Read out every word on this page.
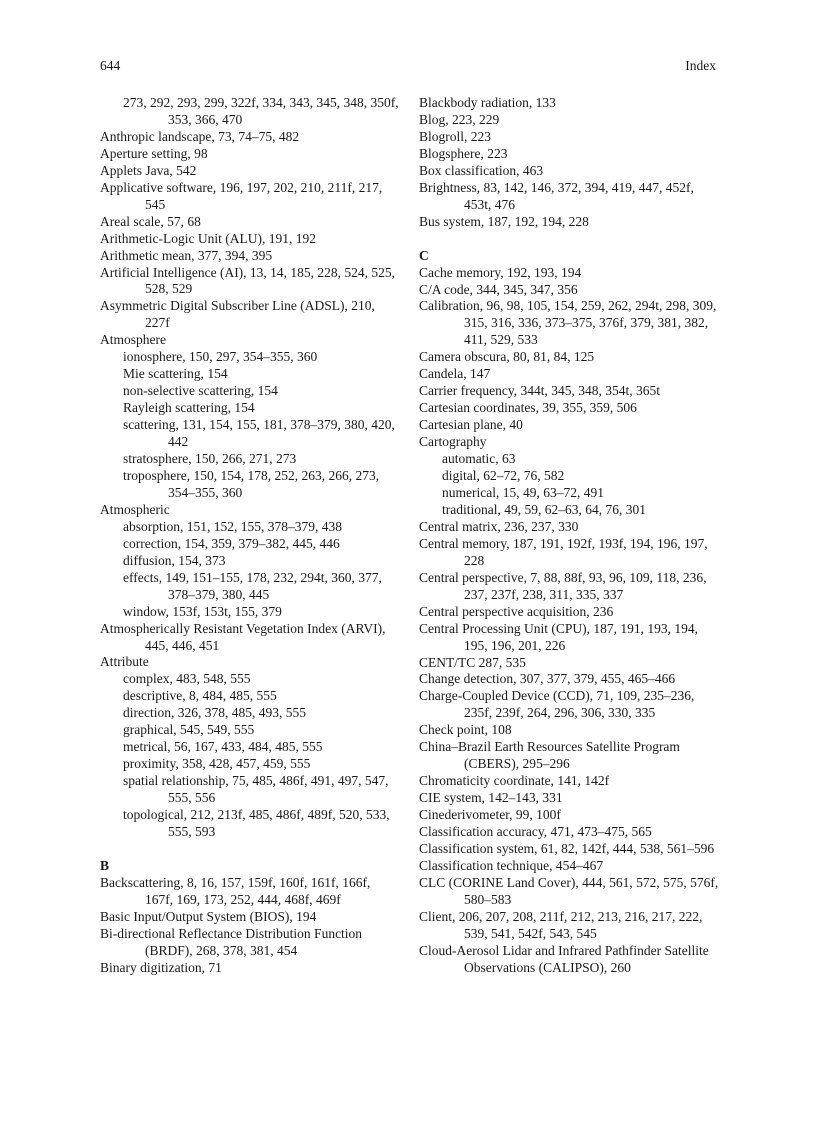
644	Index
273, 292, 293, 299, 322f, 334, 343, 345, 348, 350f, 353, 366, 470
Anthropic landscape, 73, 74–75, 482
Aperture setting, 98
Applets Java, 542
Applicative software, 196, 197, 202, 210, 211f, 217, 545
Areal scale, 57, 68
Arithmetic-Logic Unit (ALU), 191, 192
Arithmetic mean, 377, 394, 395
Artificial Intelligence (AI), 13, 14, 185, 228, 524, 525, 528, 529
Asymmetric Digital Subscriber Line (ADSL), 210, 227f
Atmosphere
ionosphere, 150, 297, 354–355, 360
Mie scattering, 154
non-selective scattering, 154
Rayleigh scattering, 154
scattering, 131, 154, 155, 181, 378–379, 380, 420, 442
stratosphere, 150, 266, 271, 273
troposphere, 150, 154, 178, 252, 263, 266, 273, 354–355, 360
Atmospheric
absorption, 151, 152, 155, 378–379, 438
correction, 154, 359, 379–382, 445, 446
diffusion, 154, 373
effects, 149, 151–155, 178, 232, 294t, 360, 377, 378–379, 380, 445
window, 153f, 153t, 155, 379
Atmospherically Resistant Vegetation Index (ARVI), 445, 446, 451
Attribute
complex, 483, 548, 555
descriptive, 8, 484, 485, 555
direction, 326, 378, 485, 493, 555
graphical, 545, 549, 555
metrical, 56, 167, 433, 484, 485, 555
proximity, 358, 428, 457, 459, 555
spatial relationship, 75, 485, 486f, 491, 497, 547, 555, 556
topological, 212, 213f, 485, 486f, 489f, 520, 533, 555, 593
B
Backscattering, 8, 16, 157, 159f, 160f, 161f, 166f, 167f, 169, 173, 252, 444, 468f, 469f
Basic Input/Output System (BIOS), 194
Bi-directional Reflectance Distribution Function (BRDF), 268, 378, 381, 454
Binary digitization, 71
Blackbody radiation, 133
Blog, 223, 229
Blogroll, 223
Blogsphere, 223
Box classification, 463
Brightness, 83, 142, 146, 372, 394, 419, 447, 452f, 453t, 476
Bus system, 187, 192, 194, 228
C
Cache memory, 192, 193, 194
C/A code, 344, 345, 347, 356
Calibration, 96, 98, 105, 154, 259, 262, 294t, 298, 309, 315, 316, 336, 373–375, 376f, 379, 381, 382, 411, 529, 533
Camera obscura, 80, 81, 84, 125
Candela, 147
Carrier frequency, 344t, 345, 348, 354t, 365t
Cartesian coordinates, 39, 355, 359, 506
Cartesian plane, 40
Cartography
automatic, 63
digital, 62–72, 76, 582
numerical, 15, 49, 63–72, 491
traditional, 49, 59, 62–63, 64, 76, 301
Central matrix, 236, 237, 330
Central memory, 187, 191, 192f, 193f, 194, 196, 197, 228
Central perspective, 7, 88, 88f, 93, 96, 109, 118, 236, 237, 237f, 238, 311, 335, 337
Central perspective acquisition, 236
Central Processing Unit (CPU), 187, 191, 193, 194, 195, 196, 201, 226
CENT/TC 287, 535
Change detection, 307, 377, 379, 455, 465–466
Charge-Coupled Device (CCD), 71, 109, 235–236, 235f, 239f, 264, 296, 306, 330, 335
Check point, 108
China–Brazil Earth Resources Satellite Program (CBERS), 295–296
Chromaticity coordinate, 141, 142f
CIE system, 142–143, 331
Cinederivometer, 99, 100f
Classification accuracy, 471, 473–475, 565
Classification system, 61, 82, 142f, 444, 538, 561–596
Classification technique, 454–467
CLC (CORINE Land Cover), 444, 561, 572, 575, 576f, 580–583
Client, 206, 207, 208, 211f, 212, 213, 216, 217, 222, 539, 541, 542f, 543, 545
Cloud-Aerosol Lidar and Infrared Pathfinder Satellite Observations (CALIPSO), 260
